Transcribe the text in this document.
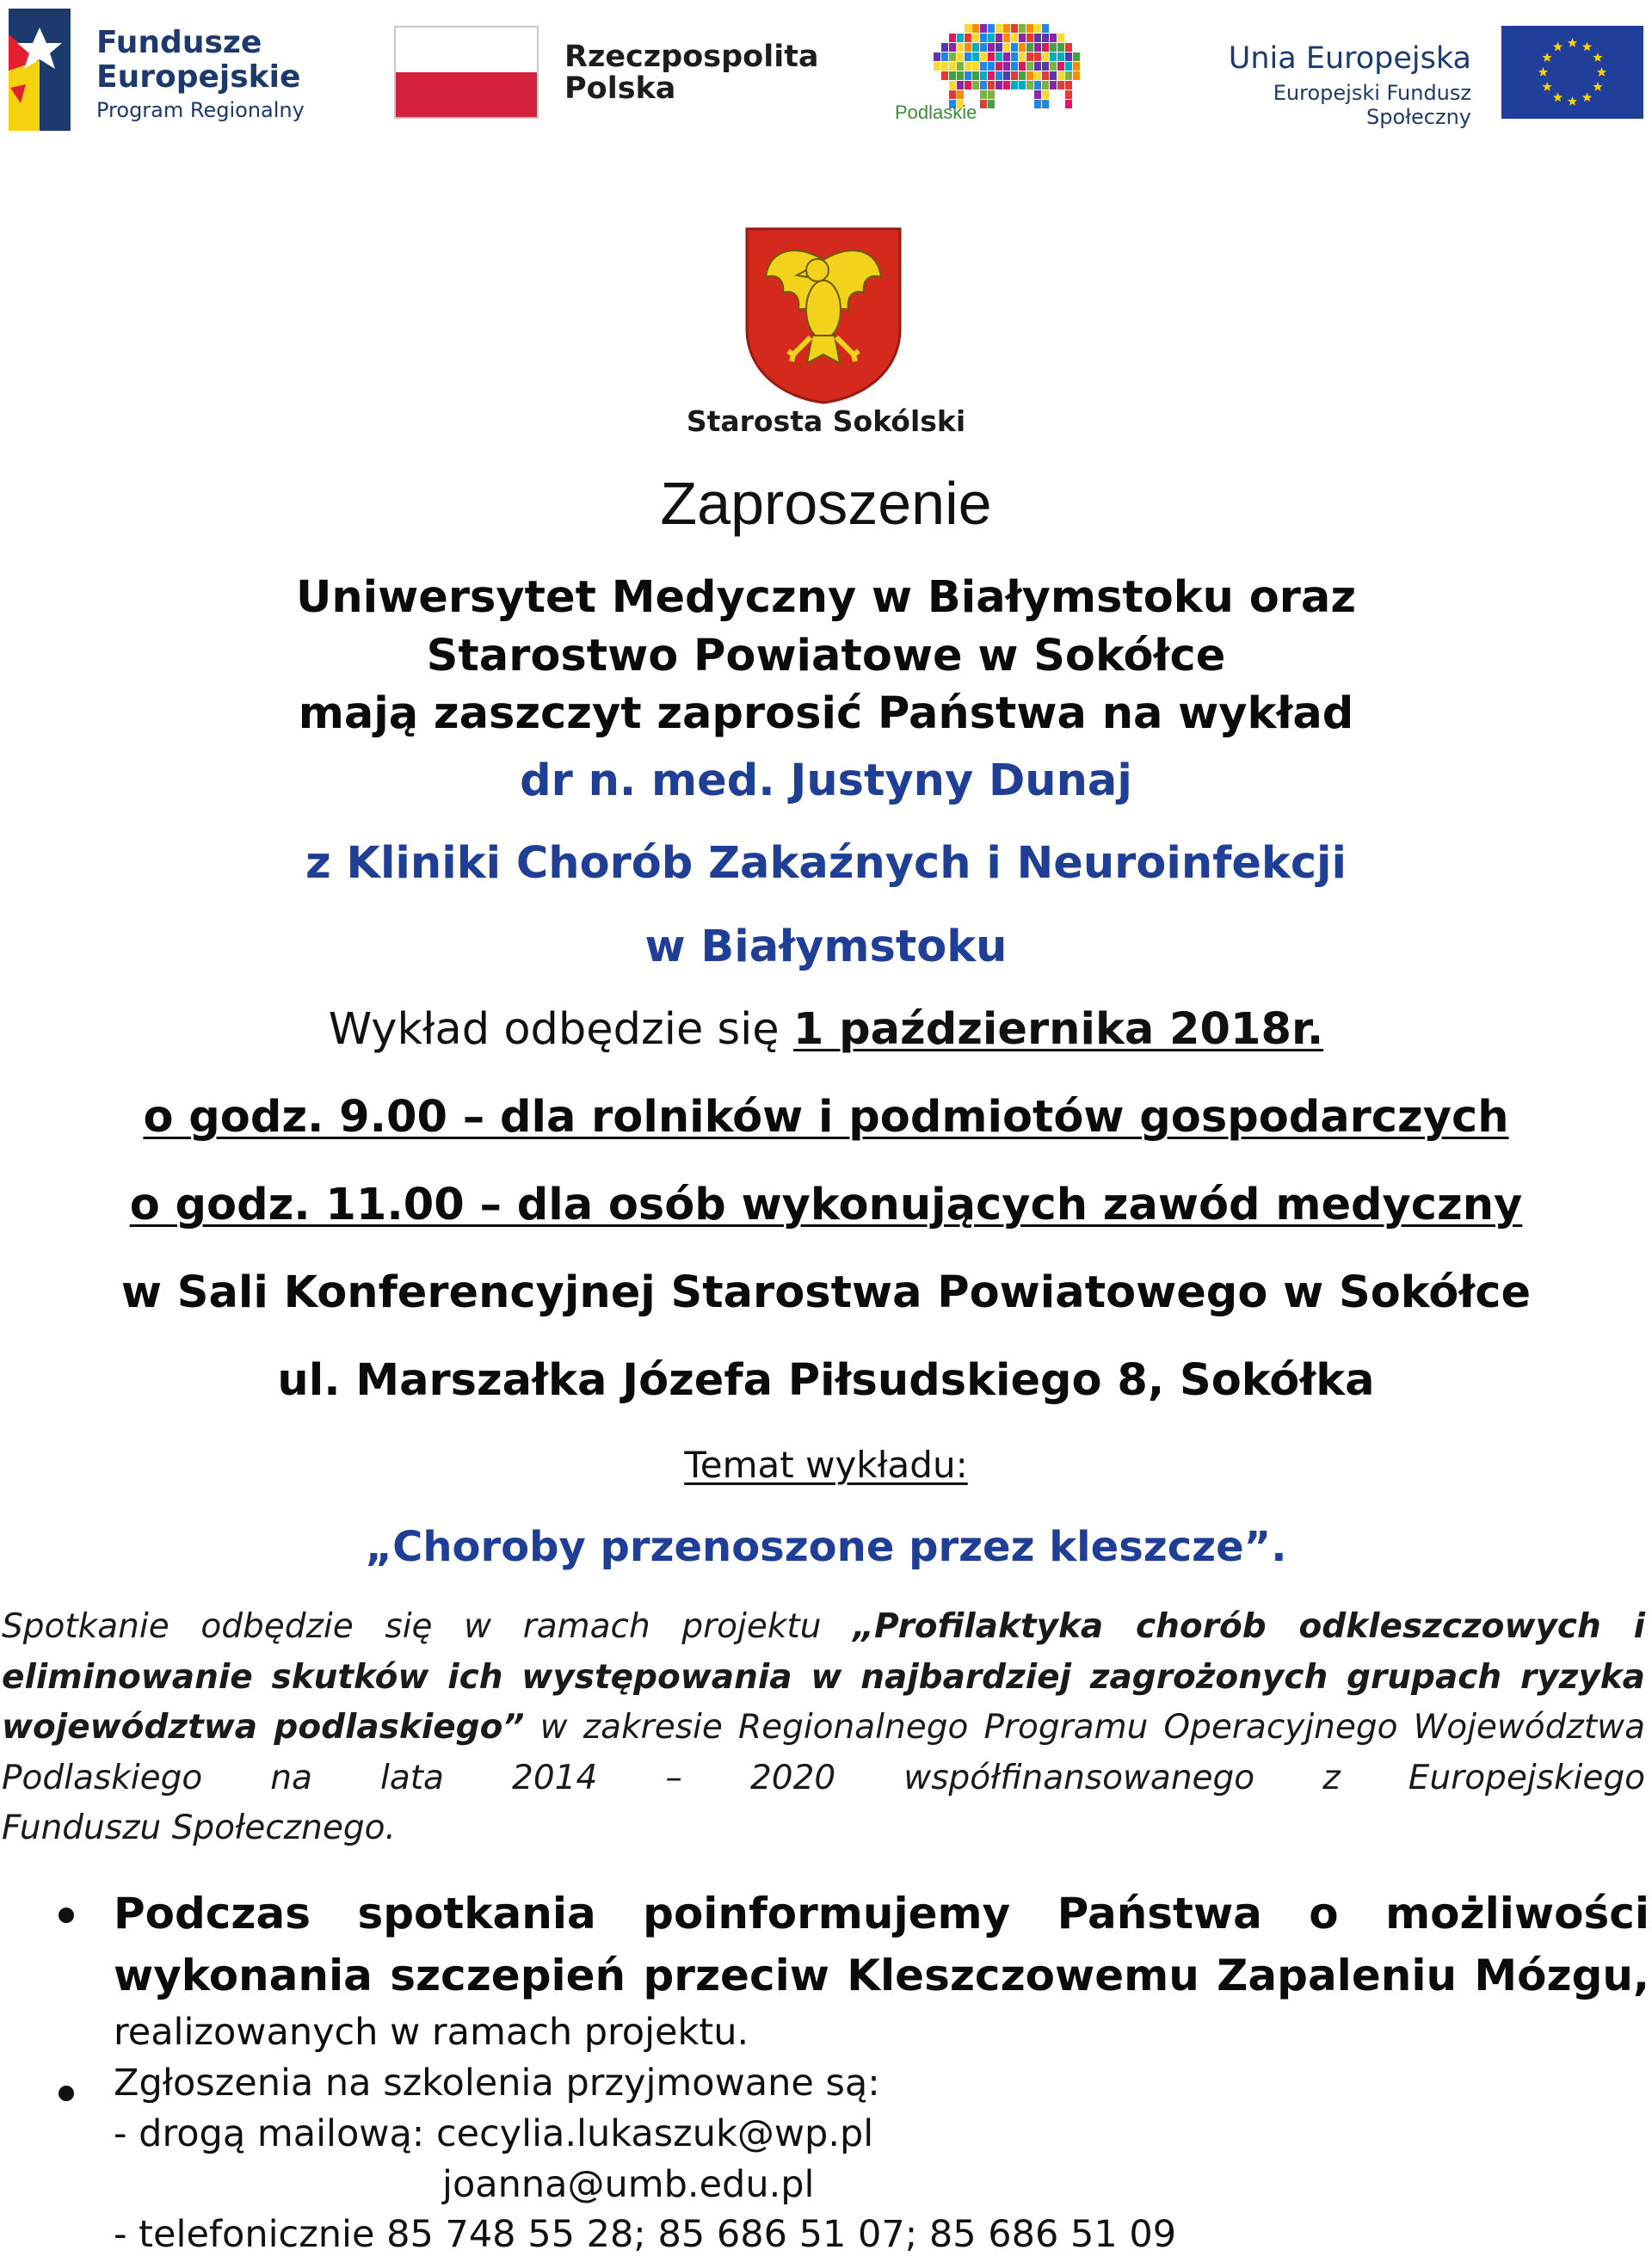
Fundusze
Europejskie
Program Regionalny
Rzeczpospolita
Polska
Podlaskie
Unia Europejska
Europejski Fundusz Społeczny
Starosta Sokólski
Zaproszenie
Uniwersytet Medyczny w Białymstoku oraz
Starostwo Powiatowe w Sokółce
mają zaszczyt zaprosić Państwa na wykład
dr n. med. Justyny Dunaj
z Kliniki Chorób Zakaźnych i Neuroinfekcji
w Białymstoku
Wykład odbędzie się 1 października 2018r.
o godz. 9.00 – dla rolników i podmiotów gospodarczych
o godz. 11.00 – dla osób wykonujących zawód medyczny
w Sali Konferencyjnej Starostwa Powiatowego w Sokółce
ul. Marszałka Józefa Piłsudskiego 8, Sokółka
Temat wykładu:
„Choroby przenoszone przez kleszcze”.
Spotkanie odbędzie się w ramach projektu „Profilaktyka chorób odkleszczowych i eliminowanie skutków ich występowania w najbardziej zagrożonych grupach ryzyka województwa podlaskiego” w zakresie Regionalnego Programu Operacyjnego Województwa Podlaskiego na lata 2014 – 2020 współfinansowanego z Europejskiego
Funduszu Społecznego.
Podczas spotkania poinformujemy Państwa o możliwości
wykonania szczepień przeciw Kleszczowemu Zapaleniu Mózgu,
realizowanych w ramach projektu.
Zgłoszenia na szkolenia przyjmowane są:
- drogą mailową: cecylia.lukaszuk@wp.pl
joanna@umb.edu.pl
- telefonicznie 85 748 55 28; 85 686 51 07; 85 686 51 09
